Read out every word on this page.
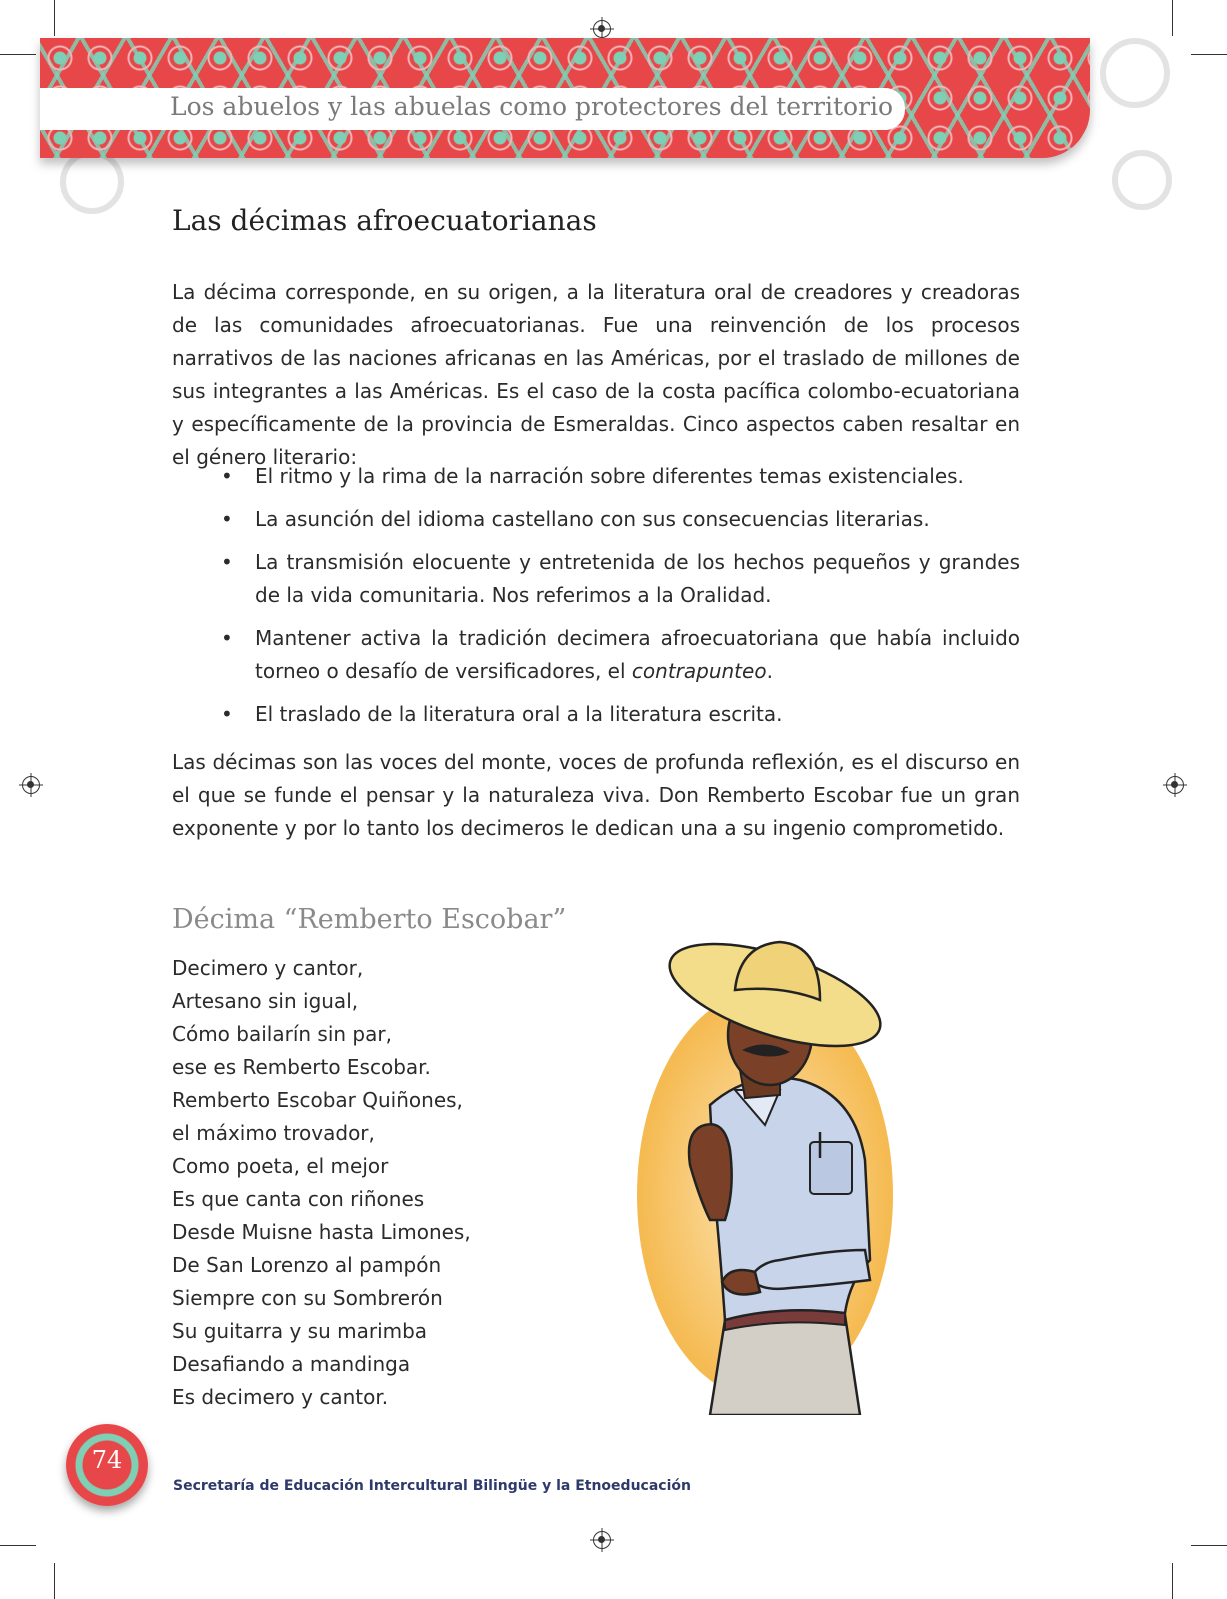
Los abuelos y las abuelas como protectores del territorio
Las décimas afroecuatorianas

La décima corresponde, en su origen, a la literatura oral de creadores y creadoras de las comunidades afroecuatorianas. Fue una reinvención de los procesos narrativos de las naciones africanas en las Américas, por el traslado de millones de sus integrantes a las Américas. Es el caso de la costa pacífica colombo-ecuatoriana y específicamente de la provincia de Esmeraldas. Cinco aspectos caben resaltar en el género literario:

• El ritmo y la rima de la narración sobre diferentes temas existenciales.
• La asunción del idioma castellano con sus consecuencias literarias.
• La transmisión elocuente y entretenida de los hechos pequeños y grandes de la vida comunitaria. Nos referimos a la Oralidad.
• Mantener activa la tradición decimera afroecuatoriana que había incluido torneo o desafío de versificadores, el contrapunteo.
• El traslado de la literatura oral a la literatura escrita.

Las décimas son las voces del monte, voces de profunda reflexión, es el discurso en el que se funde el pensar y la naturaleza viva. Don Remberto Escobar fue un gran exponente y por lo tanto los decimeros le dedican una a su ingenio comprometido.

Décima “Remberto Escobar”
Decimero y cantor,
Artesano sin igual,
Cómo bailarín sin par,
ese es Remberto Escobar.
Remberto Escobar Quiñones,
el máximo trovador,
Como poeta, el mejor
Es que canta con riñones
Desde Muisne hasta Limones,
De San Lorenzo al pampón
Siempre con su Sombrerón
Su guitarra y su marimba
Desafiando a mandinga
Es decimero y cantor.
74
Secretaría de Educación Intercultural Bilingüe y la Etnoeducación
